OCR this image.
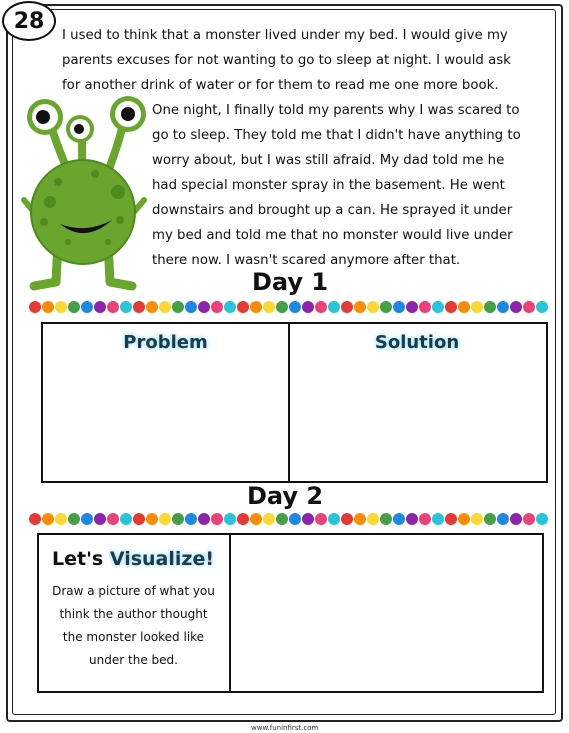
28
I used to think that a monster lived under my bed. I would give my
parents excuses for not wanting to go to sleep at night. I would ask
for another drink of water or for them to read me one more book.
One night, I finally told my parents why I was scared to
go to sleep. They told me that I didn't have anything to
worry about, but I was still afraid. My dad told me he
had special monster spray in the basement. He went
downstairs and brought up a can. He sprayed it under
my bed and told me that no monster would live under
there now. I wasn't scared anymore after that.
Day 1
Problem	Solution
Day 2
Let's Visualize!
Draw a picture of what you
think the author thought
the monster looked like
under the bed.
www.funinfirst.com
